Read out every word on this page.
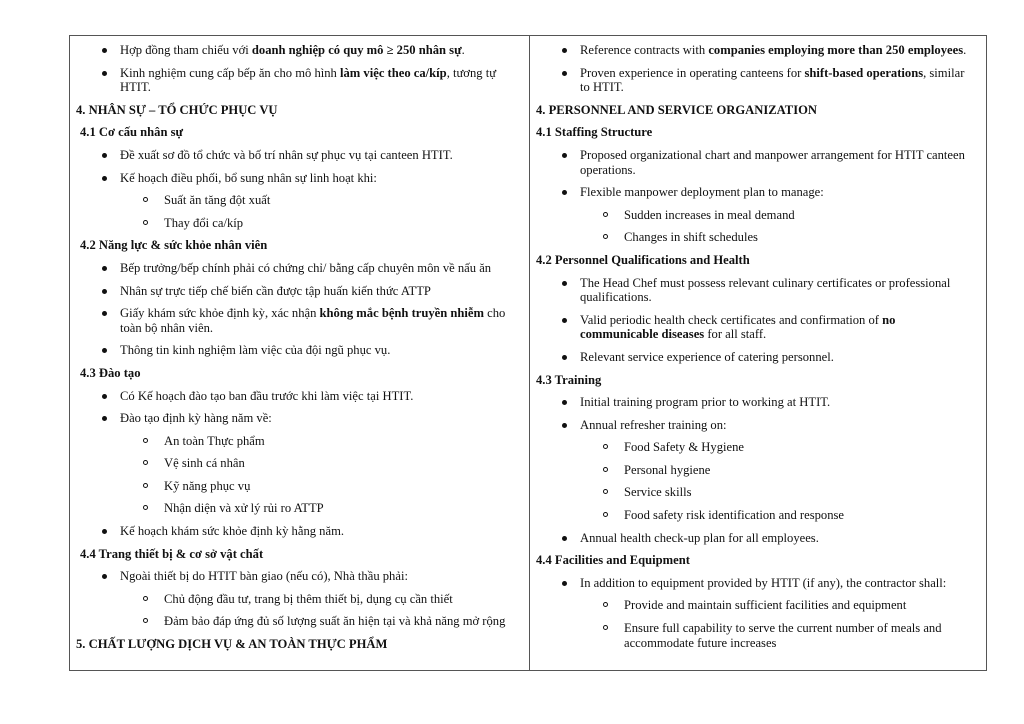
Hợp đồng tham chiếu với doanh nghiệp có quy mô ≥ 250 nhân sự.
Kinh nghiệm cung cấp bếp ăn cho mô hình làm việc theo ca/kíp, tương tự HTIT.
4. NHÂN SỰ – TỔ CHỨC PHỤC VỤ
4.1 Cơ cấu nhân sự
Đề xuất sơ đồ tổ chức và bố trí nhân sự phục vụ tại canteen HTIT.
Kế hoạch điều phối, bổ sung nhân sự linh hoạt khi:
Suất ăn tăng đột xuất
Thay đổi ca/kíp
4.2 Năng lực & sức khỏe nhân viên
Bếp trưởng/bếp chính phải có chứng chỉ/ bằng cấp chuyên môn về nấu ăn
Nhân sự trực tiếp chế biến cần được tập huấn kiến thức ATTP
Giấy khám sức khỏe định kỳ, xác nhận không mắc bệnh truyền nhiễm cho toàn bộ nhân viên.
Thông tin kinh nghiệm làm việc của đội ngũ phục vụ.
4.3 Đào tạo
Có Kế hoạch đào tạo ban đầu trước khi làm việc tại HTIT.
Đào tạo định kỳ hàng năm về:
An toàn Thực phẩm
Vệ sinh cá nhân
Kỹ năng phục vụ
Nhận diện và xử lý rủi ro ATTP
Kế hoạch khám sức khỏe định kỳ hằng năm.
4.4 Trang thiết bị & cơ sở vật chất
Ngoài thiết bị do HTIT bàn giao (nếu có), Nhà thầu phải:
Chủ động đầu tư, trang bị thêm thiết bị, dụng cụ cần thiết
Đảm bảo đáp ứng đủ số lượng suất ăn hiện tại và khả năng mở rộng
5. CHẤT LƯỢNG DỊCH VỤ & AN TOÀN THỰC PHẨM
Reference contracts with companies employing more than 250 employees.
Proven experience in operating canteens for shift-based operations, similar to HTIT.
4. PERSONNEL AND SERVICE ORGANIZATION
4.1 Staffing Structure
Proposed organizational chart and manpower arrangement for HTIT canteen operations.
Flexible manpower deployment plan to manage:
Sudden increases in meal demand
Changes in shift schedules
4.2 Personnel Qualifications and Health
The Head Chef must possess relevant culinary certificates or professional qualifications.
Valid periodic health check certificates and confirmation of no communicable diseases for all staff.
Relevant service experience of catering personnel.
4.3 Training
Initial training program prior to working at HTIT.
Annual refresher training on:
Food Safety & Hygiene
Personal hygiene
Service skills
Food safety risk identification and response
Annual health check-up plan for all employees.
4.4 Facilities and Equipment
In addition to equipment provided by HTIT (if any), the contractor shall:
Provide and maintain sufficient facilities and equipment
Ensure full capability to serve the current number of meals and accommodate future increases
